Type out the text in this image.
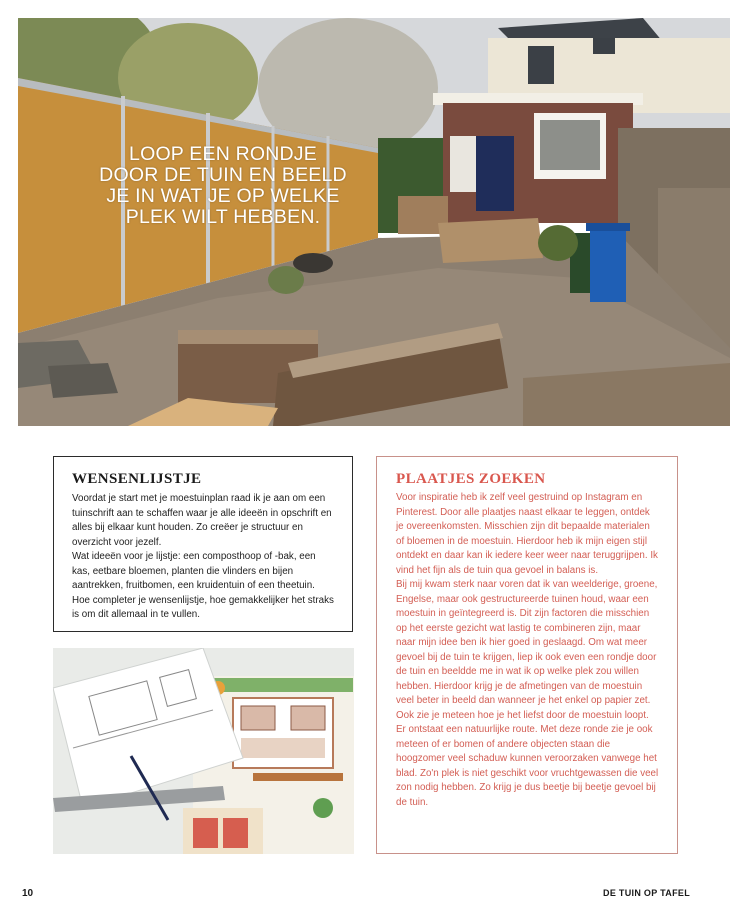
LOOP EEN RONDJE
DOOR DE TUIN EN BEELD
JE IN WAT JE OP WELKE
PLEK WILT HEBBEN.
WENSENLIJSTJE

Voordat je start met je moestuinplan raad ik je aan om een tuinschrift aan te schaffen waar je alle ideeën in opschrift en alles bij elkaar kunt houden. Zo creëer je structuur en overzicht voor jezelf.

Wat ideeën voor je lijstje: een composthoop of -bak, een kas, eetbare bloemen, planten die vlinders en bijen aantrekken, fruitbomen, een kruidentuin of een theetuin. Hoe completer je wensenlijstje, hoe gemakkelijker het straks is om dit allemaal in te vullen.

PLAATJES ZOEKEN

Voor inspiratie heb ik zelf veel gestruind op Instagram en Pinterest. Door alle plaatjes naast elkaar te leggen, ontdek je overeenkomsten. Misschien zijn dit bepaalde materialen of bloemen in de moestuin. Hierdoor heb ik mijn eigen stijl ontdekt en daar kan ik iedere keer weer naar teruggrijpen. Ik vind het fijn als de tuin qua gevoel in balans is.

Bij mij kwam sterk naar voren dat ik van weelderige, groene, Engelse, maar ook gestructureerde tuinen houd, waar een moestuin in geïntegreerd is. Dit zijn factoren die misschien op het eerste gezicht wat lastig te combineren zijn, maar naar mijn idee ben ik hier goed in geslaagd. Om wat meer gevoel bij de tuin te krijgen, liep ik ook even een rondje door de tuin en beeldde me in wat ik op welke plek zou willen hebben. Hierdoor krijg je de afmetingen van de moestuin veel beter in beeld dan wanneer je het enkel op papier zet. Ook zie je meteen hoe je het liefst door de moestuin loopt. Er ontstaat een natuurlijke route. Met deze ronde zie je ook meteen of er bomen of andere objecten staan die hoogzomer veel schaduw kunnen veroorzaken vanwege het blad. Zo'n plek is niet geschikt voor vruchtgewassen die veel zon nodig hebben. Zo krijg je dus beetje bij beetje gevoel bij de tuin.

10	DE TUIN OP TAFEL
